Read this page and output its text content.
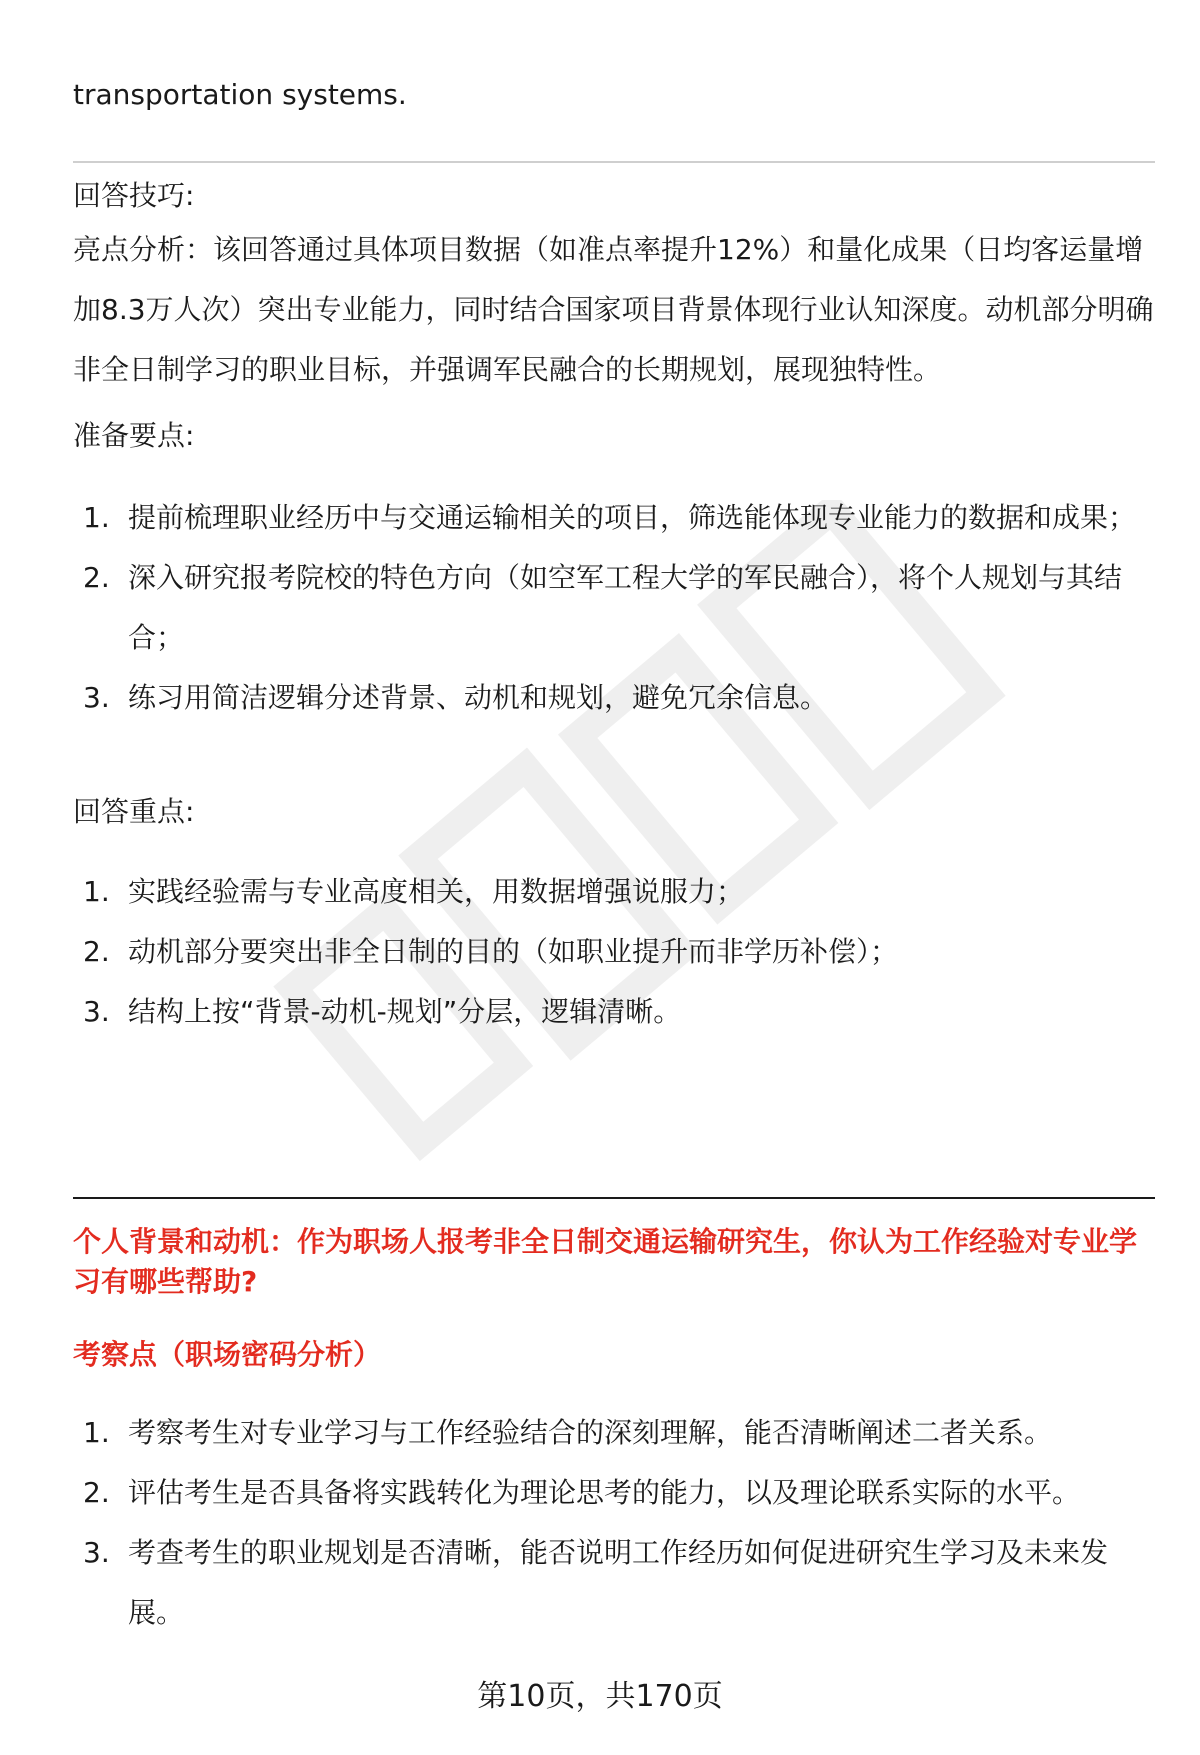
transportation systems.
回答技巧:
亮点分析：该回答通过具体项目数据（如准点率提升12%）和量化成果（日均客运量增加8.3万人次）突出专业能力，同时结合国家项目背景体现行业认知深度。动机部分明确非全日制学习的职业目标，并强调军民融合的长期规划，展现独特性。
准备要点:
1. 提前梳理职业经历中与交通运输相关的项目，筛选能体现专业能力的数据和成果；
2. 深入研究报考院校的特色方向（如空军工程大学的军民融合），将个人规划与其结合；
3. 练习用简洁逻辑分述背景、动机和规划，避免冗余信息。
回答重点:
1. 实践经验需与专业高度相关，用数据增强说服力；
2. 动机部分要突出非全日制的目的（如职业提升而非学历补偿）；
3. 结构上按“背景-动机-规划”分层，逻辑清晰。
个人背景和动机：作为职场人报考非全日制交通运输研究生，你认为工作经验对专业学习有哪些帮助?
考察点（职场密码分析）
1. 考察考生对专业学习与工作经验结合的深刻理解，能否清晰阐述二者关系。
2. 评估考生是否具备将实践转化为理论思考的能力，以及理论联系实际的水平。
3. 考查考生的职业规划是否清晰，能否说明工作经历如何促进研究生学习及未来发展。
第10页，共170页
